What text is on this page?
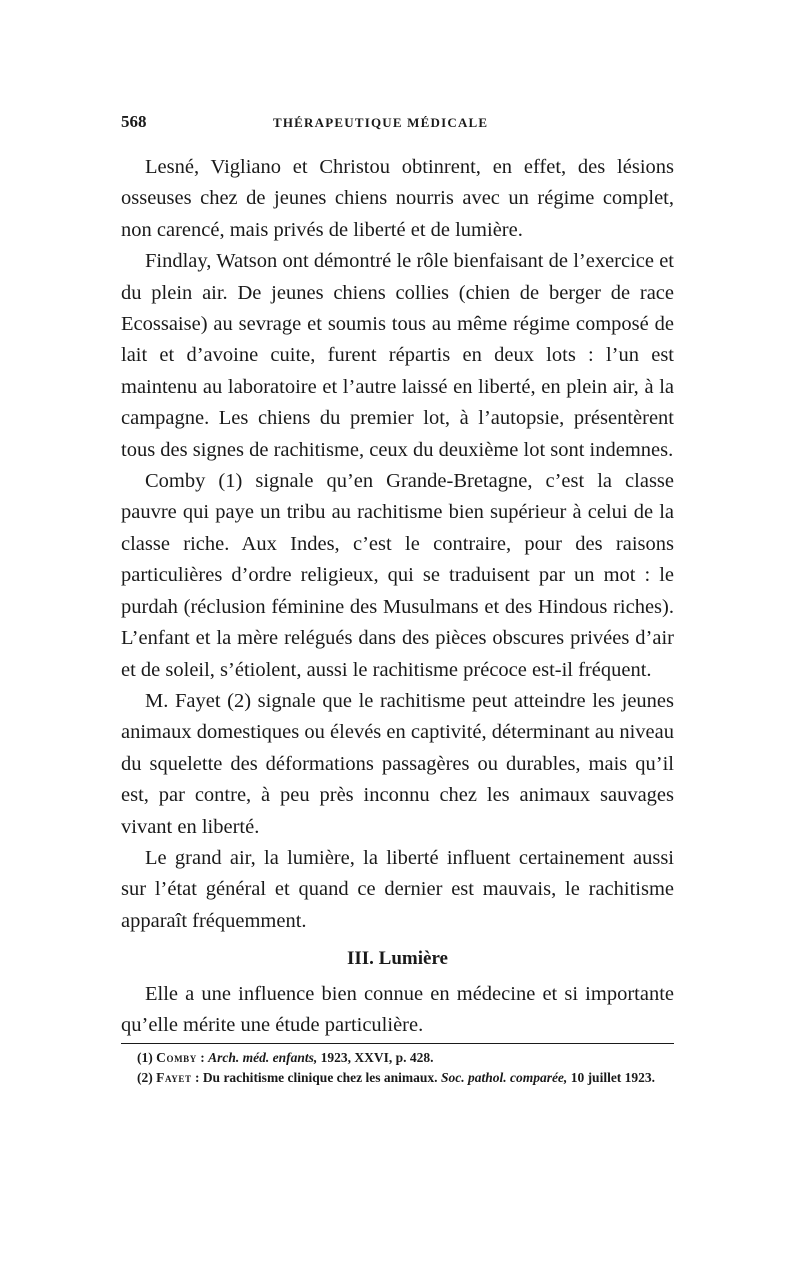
568	THÉRAPEUTIQUE MÉDICALE

Lesné, Vigliano et Christou obtinrent, en effet, des lésions osseuses chez de jeunes chiens nourris avec un régime complet, non carencé, mais privés de liberté et de lumière.

Findlay, Watson ont démontré le rôle bienfaisant de l’exercice et du plein air. De jeunes chiens collies (chien de berger de race Ecossaise) au sevrage et soumis tous au même régime composé de lait et d’avoine cuite, furent répartis en deux lots : l’un est maintenu au laboratoire et l’autre laissé en liberté, en plein air, à la campagne. Les chiens du premier lot, à l’autopsie, présentèrent tous des signes de rachitisme, ceux du deuxième lot sont indemnes.

Comby (1) signale qu’en Grande-Bretagne, c’est la classe pauvre qui paye un tribu au rachitisme bien supérieur à celui de la classe riche. Aux Indes, c’est le contraire, pour des raisons particulières d’ordre religieux, qui se traduisent par un mot : le purdah (réclusion féminine des Musulmans et des Hindous riches). L’enfant et la mère relégués dans des pièces obscures privées d’air et de soleil, s’étiolent, aussi le rachitisme précoce est-il fréquent.

M. Fayet (2) signale que le rachitisme peut atteindre les jeunes animaux domestiques ou élevés en captivité, déterminant au niveau du squelette des déformations passagères ou durables, mais qu’il est, par contre, à peu près inconnu chez les animaux sauvages vivant en liberté.

Le grand air, la lumière, la liberté influent certainement aussi sur l’état général et quand ce dernier est mauvais, le rachitisme apparaît fréquemment.

III. Lumière

Elle a une influence bien connue en médecine et si importante qu’elle mérite une étude particulière.

(1) Comby : Arch. méd. enfants, 1923, XXVI, p. 428.

(2) Fayet : Du rachitisme clinique chez les animaux. Soc. pathol. comparée, 10 juillet 1923.
